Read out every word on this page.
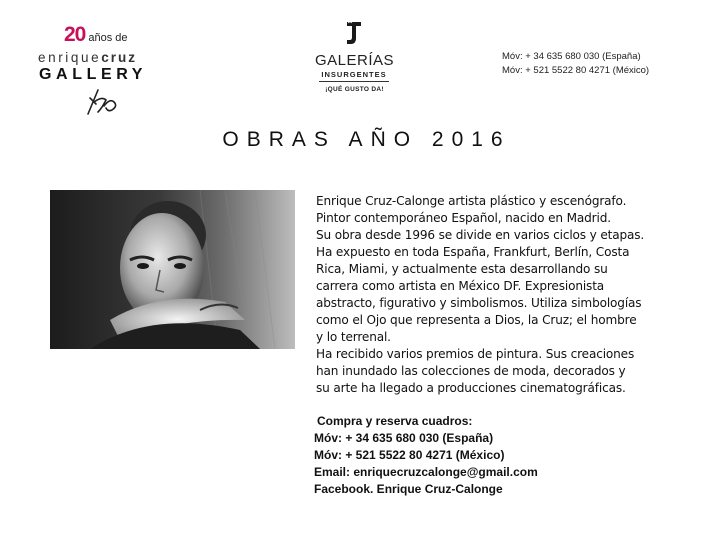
20 años de
enriquecruz
GALLERY
GALERÍAS
INSURGENTES
¡QUÉ GUSTO DA!
Móv: + 34 635 680 030 (España)
Móv: + 521 5522 80 4271 (México)
OBRAS AÑO 2016
Enrique Cruz-Calonge artista plástico y escenógrafo.
Pintor contemporáneo Español, nacido en Madrid.
Su obra desde 1996 se divide en varios ciclos y etapas.
Ha expuesto en toda España, Frankfurt, Berlín, Costa
Rica, Miami, y actualmente esta desarrollando su
carrera como artista en México DF. Expresionista
abstracto, figurativo y simbolismos. Utiliza simbologías
como el Ojo que representa a Dios, la Cruz; el hombre
y lo terrenal.
Ha recibido varios premios de pintura. Sus creaciones
han inundado las colecciones de moda, decorados y
su arte ha llegado a producciones cinematográficas.
Compra y reserva cuadros:
Móv: + 34 635 680 030 (España)
Móv: + 521 5522 80 4271 (México)
Email: enriquecruzcalonge@gmail.com
Facebook. Enrique Cruz-Calonge
